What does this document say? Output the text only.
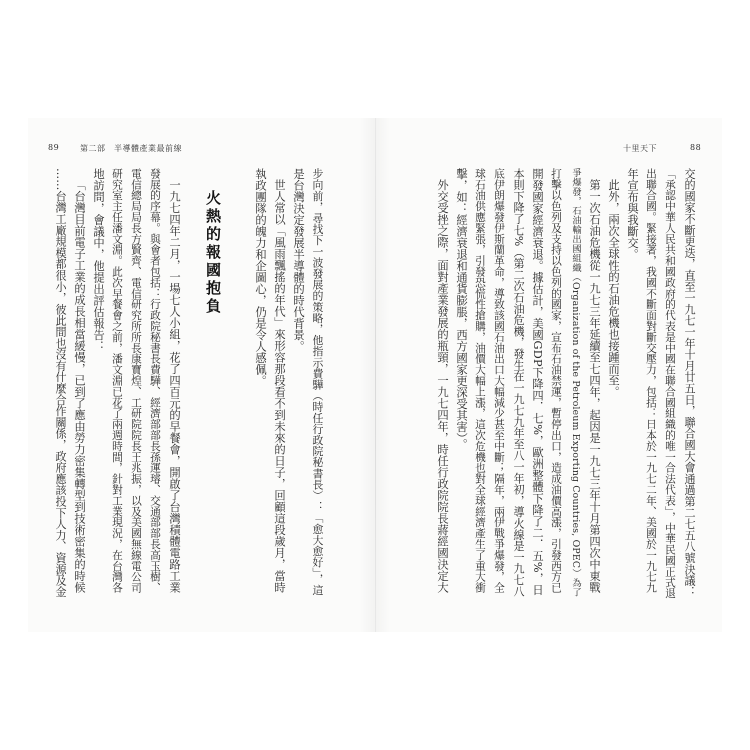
89	第二部　半導體產業最前線	十里天下	88
交的國家不斷更迭，直至一九七一年十月廿五日，聯合國大會通過第二七五八號決議：
「承認中華人民共和國政府的代表是中國在聯合國組織的唯一合法代表」，中華民國正式退
出聯合國。緊接著，我國不斷面對斷交壓力，包括：日本於一九七二年、美國於一九七九
年宣布與我斷交。
此外，兩次全球性的石油危機也接踵而至。
第一次石油危機從一九七三年延續至七四年，起因是一九七三年十月第四次中東戰
爭爆發，石油輸出國組織（Organization of the Petroleum Exporting Countries, OPEC）為了
打擊以色列及支持以色列的國家，宣布石油禁運，暫停出口，造成油價高漲，引發西方已
開發國家經濟衰退。據估計，美國GDP下降四．七%，歐洲整體下降了二．五%，日
本則下降了七%（第二次石油危機，發生在一九七九年至八一年初，導火線是一九七八
底伊朗爆發伊斯蘭革命，導致該國石油出口大幅減少甚至中斷；隔年，兩伊戰爭爆發，全
球石油供應緊張，引發恐慌性搶購，油價大幅上漲，這次危機也對全球經濟產生了重大衝
擊，如：經濟衰退和通貨膨脹，西方國家更深受其害）。
外交受挫之際，面對產業發展的瓶頸，一九七四年，時任行政院院長蔣經國決定大
步向前，尋找下一波發展的策略，他指示費驊（時任行政院秘書長）：「愈大愈好」，這
是台灣決定發展半導體的時代背景。
世人常以「風雨飄搖的年代」來形容那段看不到未來的日子，回顧這段歲月，當時
執政團隊的魄力和企圖心，仍是令人感佩。
火熱的報國抱負
一九七四年二月，一場七人小組，花了四百元的早餐會，開啟了台灣積體電路工業
發展的序幕。與會者包括：行政院秘書長費驊、經濟部部長孫運璿、交通部部長高玉樹、
電信總局局長方賢齊、電信研究所所長康寶煌、工研院院長王兆振，以及美國無線電公司
研究室主任潘文淵。此次早餐會之前，潘文淵已花了兩週時間，針對工業現況，在台灣各
地訪問，會議中，他提出評估報告：
「台灣目前電子工業的成長相當緩慢，已到了應由勞力密集轉型到技術密集的時候
……台灣工廠規模都很小，彼此間也沒有什麼合作關係，政府應該投下人力、資源及金
